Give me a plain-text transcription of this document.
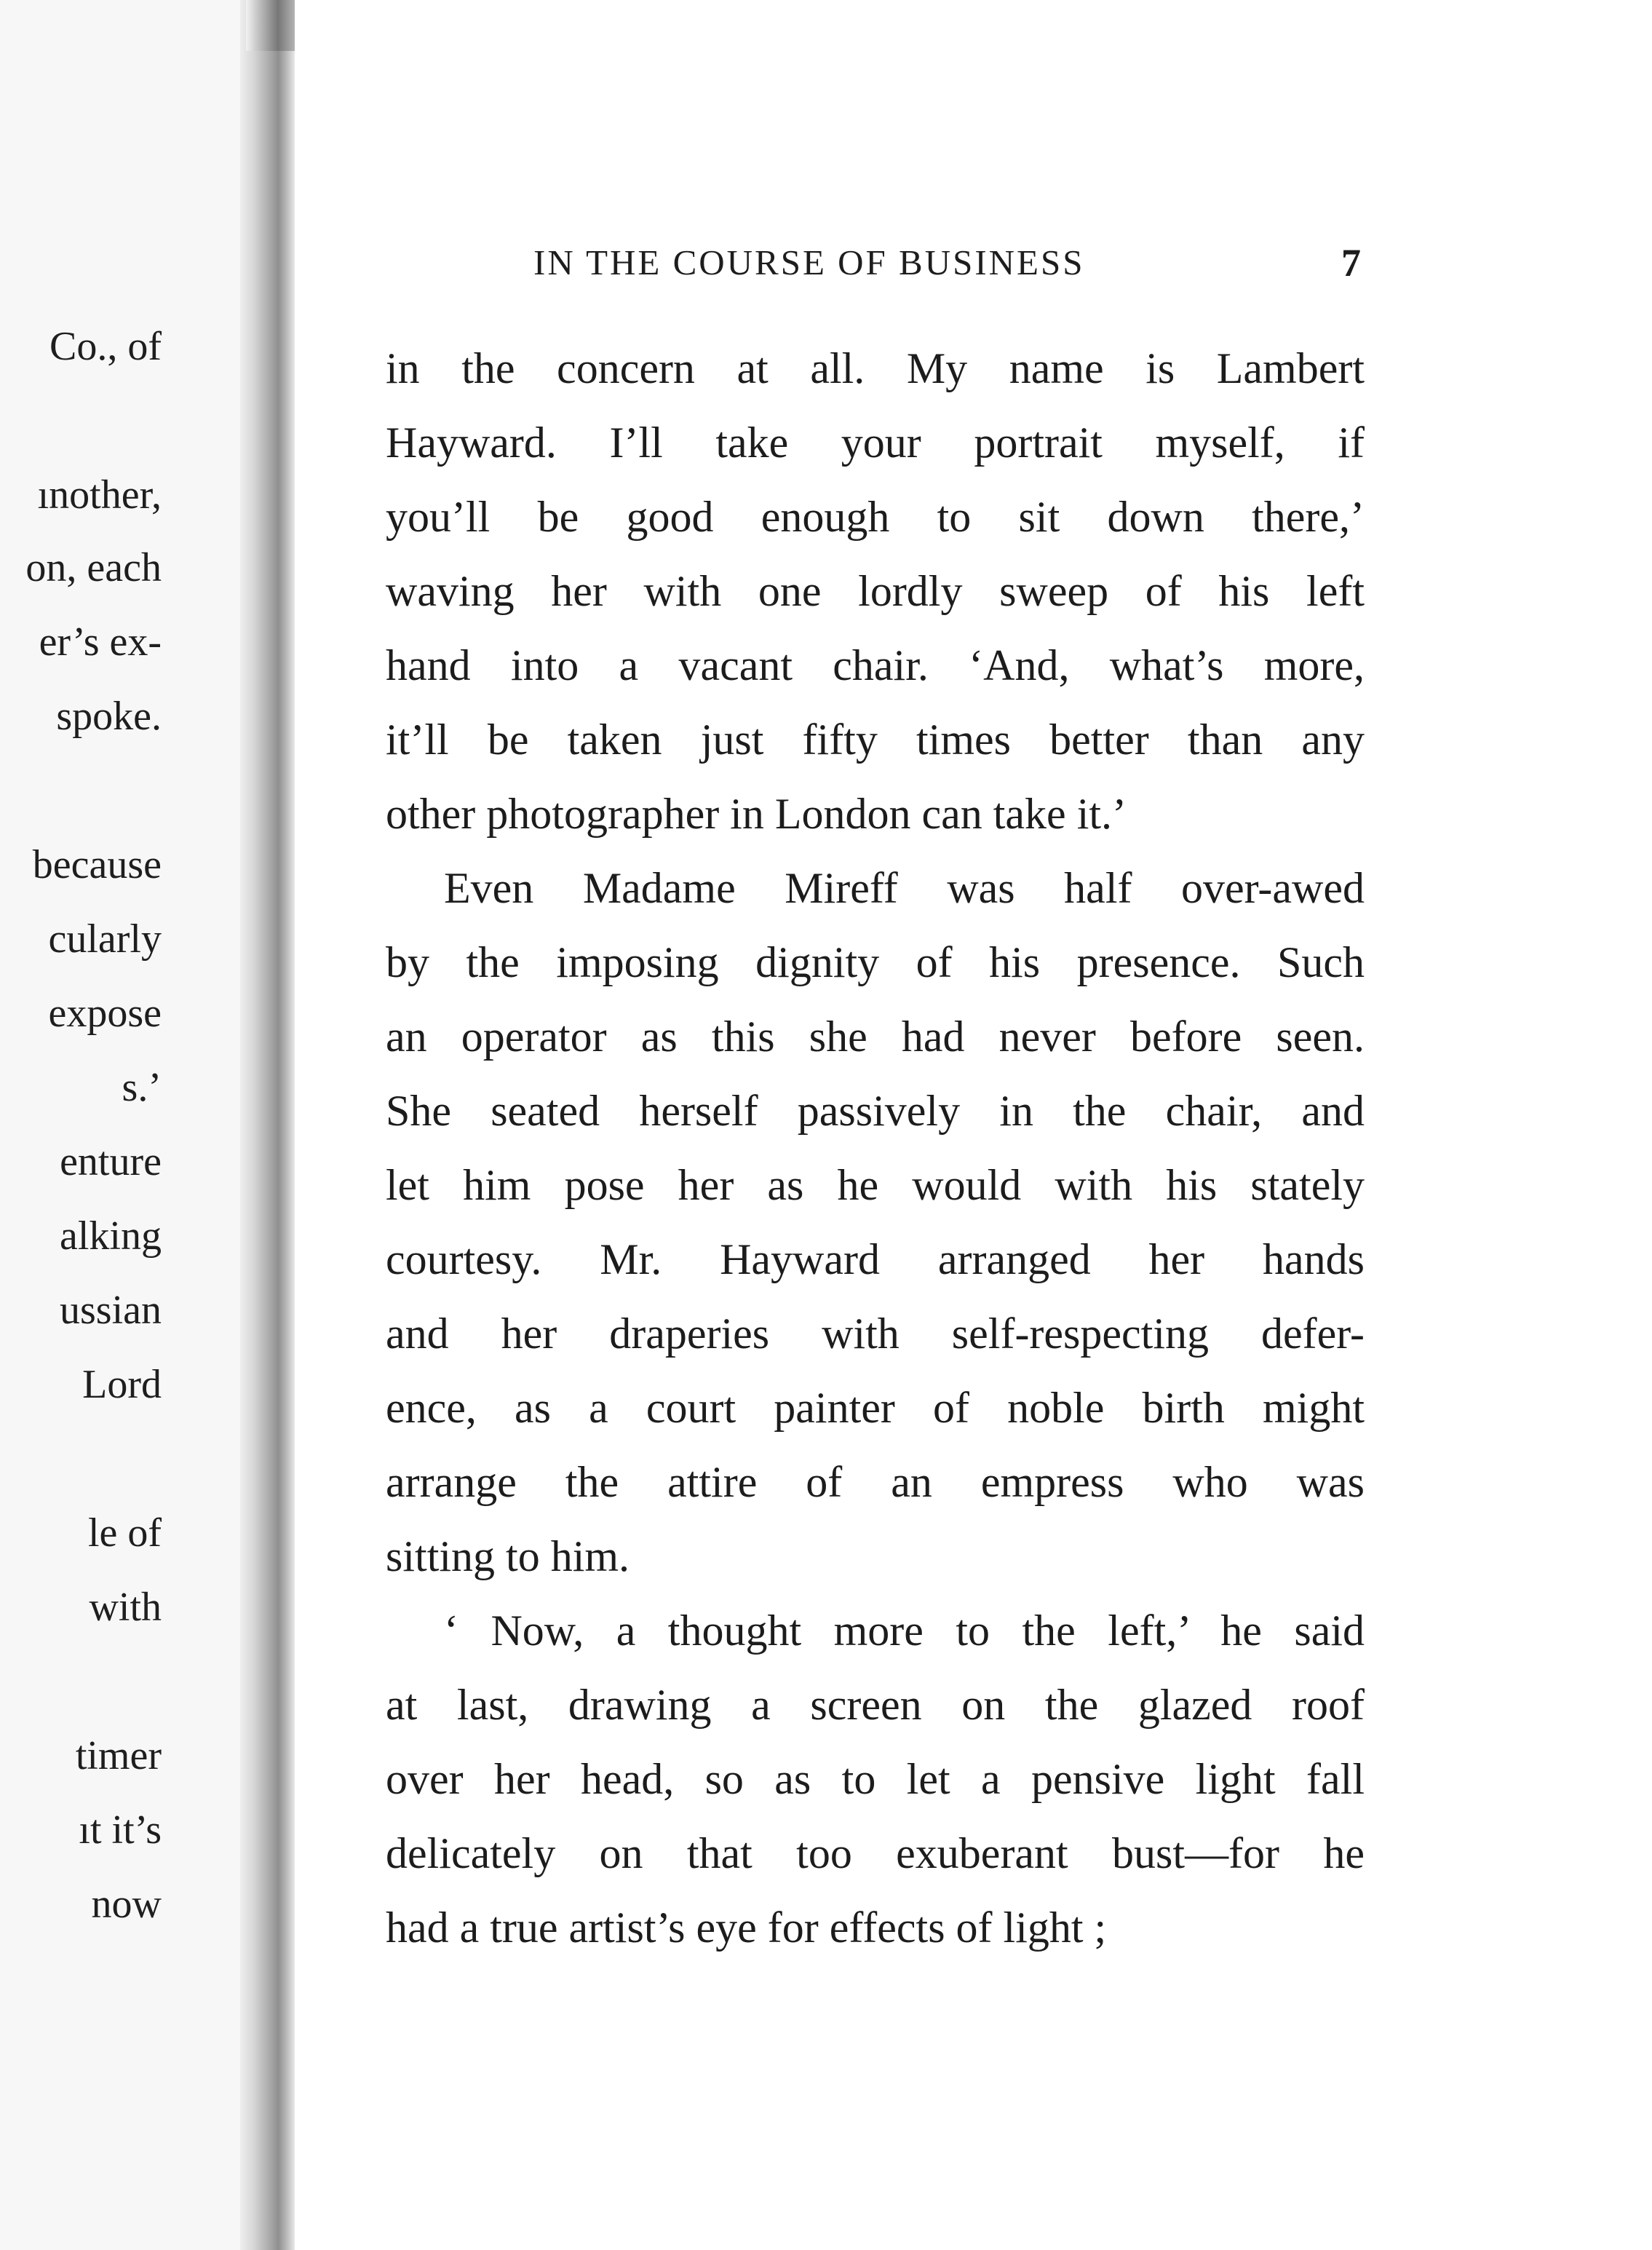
Co., of
ınother,
on, each
er’s ex-
spoke.
because
cularly
expose
s.’
enture
alking
ussian
Lord
le of
with
timer
ıt it’s
now
IN THE COURSE OF BUSINESS	7
in the concern at all. My name is Lambert
Hayward. I’ll take your portrait myself, if
you’ll be good enough to sit down there,’
waving her with one lordly sweep of his left
hand into a vacant chair. ‘And, what’s more,
it’ll be taken just fifty times better than any
other photographer in London can take it.’
Even Madame Mireff was half over-awed
by the imposing dignity of his presence. Such
an operator as this she had never before seen.
She seated herself passively in the chair, and
let him pose her as he would with his stately
courtesy. Mr. Hayward arranged her hands
and her draperies with self-respecting defer-
ence, as a court painter of noble birth might
arrange the attire of an empress who was
sitting to him.
‘ Now, a thought more to the left,’ he said
at last, drawing a screen on the glazed roof
over her head, so as to let a pensive light fall
delicately on that too exuberant bust—for he
had a true artist’s eye for effects of light ;
